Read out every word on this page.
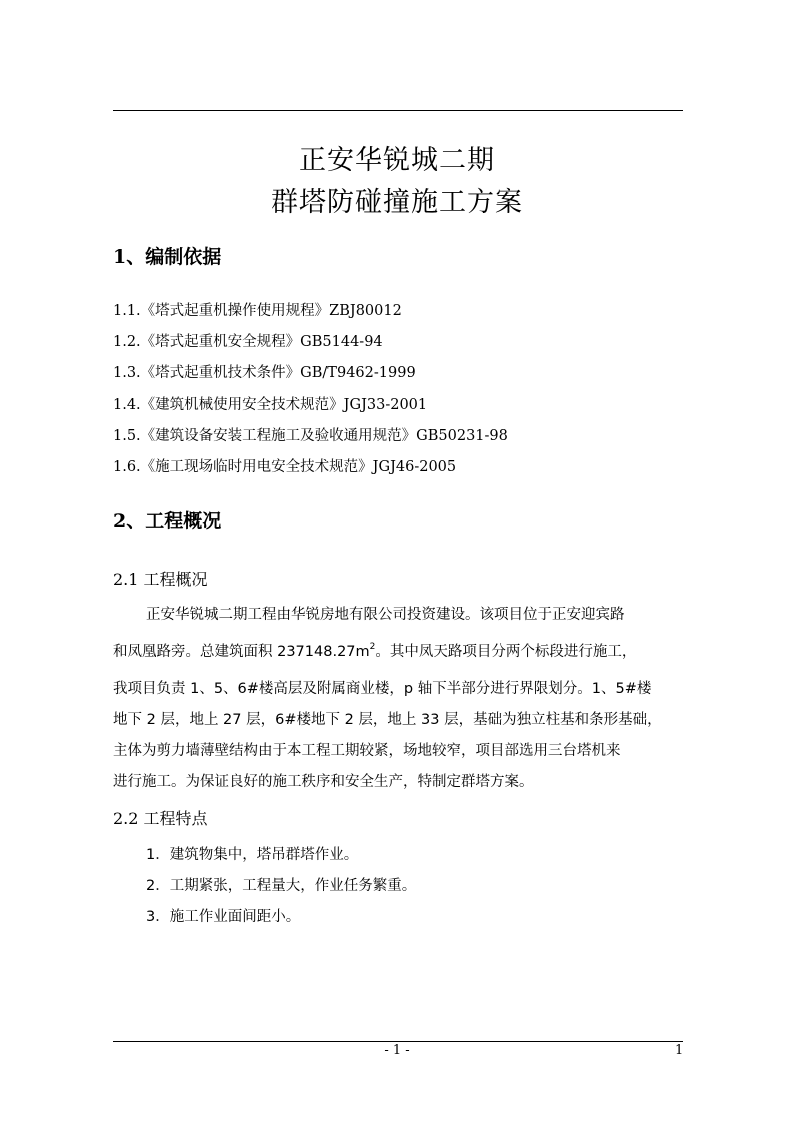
正安华锐城二期
群塔防碰撞施工方案
1、编制依据
1.1.《塔式起重机操作使用规程》ZBJ80012
1.2.《塔式起重机安全规程》GB5144-94
1.3.《塔式起重机技术条件》GB/T9462-1999
1.4.《建筑机械使用安全技术规范》JGJ33-2001
1.5.《建筑设备安装工程施工及验收通用规范》GB50231-98
1.6.《施工现场临时用电安全技术规范》JGJ46-2005
2、工程概况
2.1 工程概况
正安华锐城二期工程由华锐房地有限公司投资建设。该项目位于正安迎宾路
和凤凰路旁。总建筑面积 $237148.27m^2$。其中凤天路项目分两个标段进行施工，
我项目负责 1、5、6#楼高层及附属商业楼，p 轴下半部分进行界限划分。1、5#楼
地下 2 层，地上 27 层，6#楼地下 2 层，地上 33 层，基础为独立柱基和条形基础，
主体为剪力墙薄壁结构由于本工程工期较紧，场地较窄，项目部选用三台塔机来
进行施工。为保证良好的施工秩序和安全生产，特制定群塔方案。
2.2 工程特点
1．建筑物集中，塔吊群塔作业。
2．工期紧张，工程量大，作业任务繁重。
3．施工作业面间距小。
- 1 -	1
